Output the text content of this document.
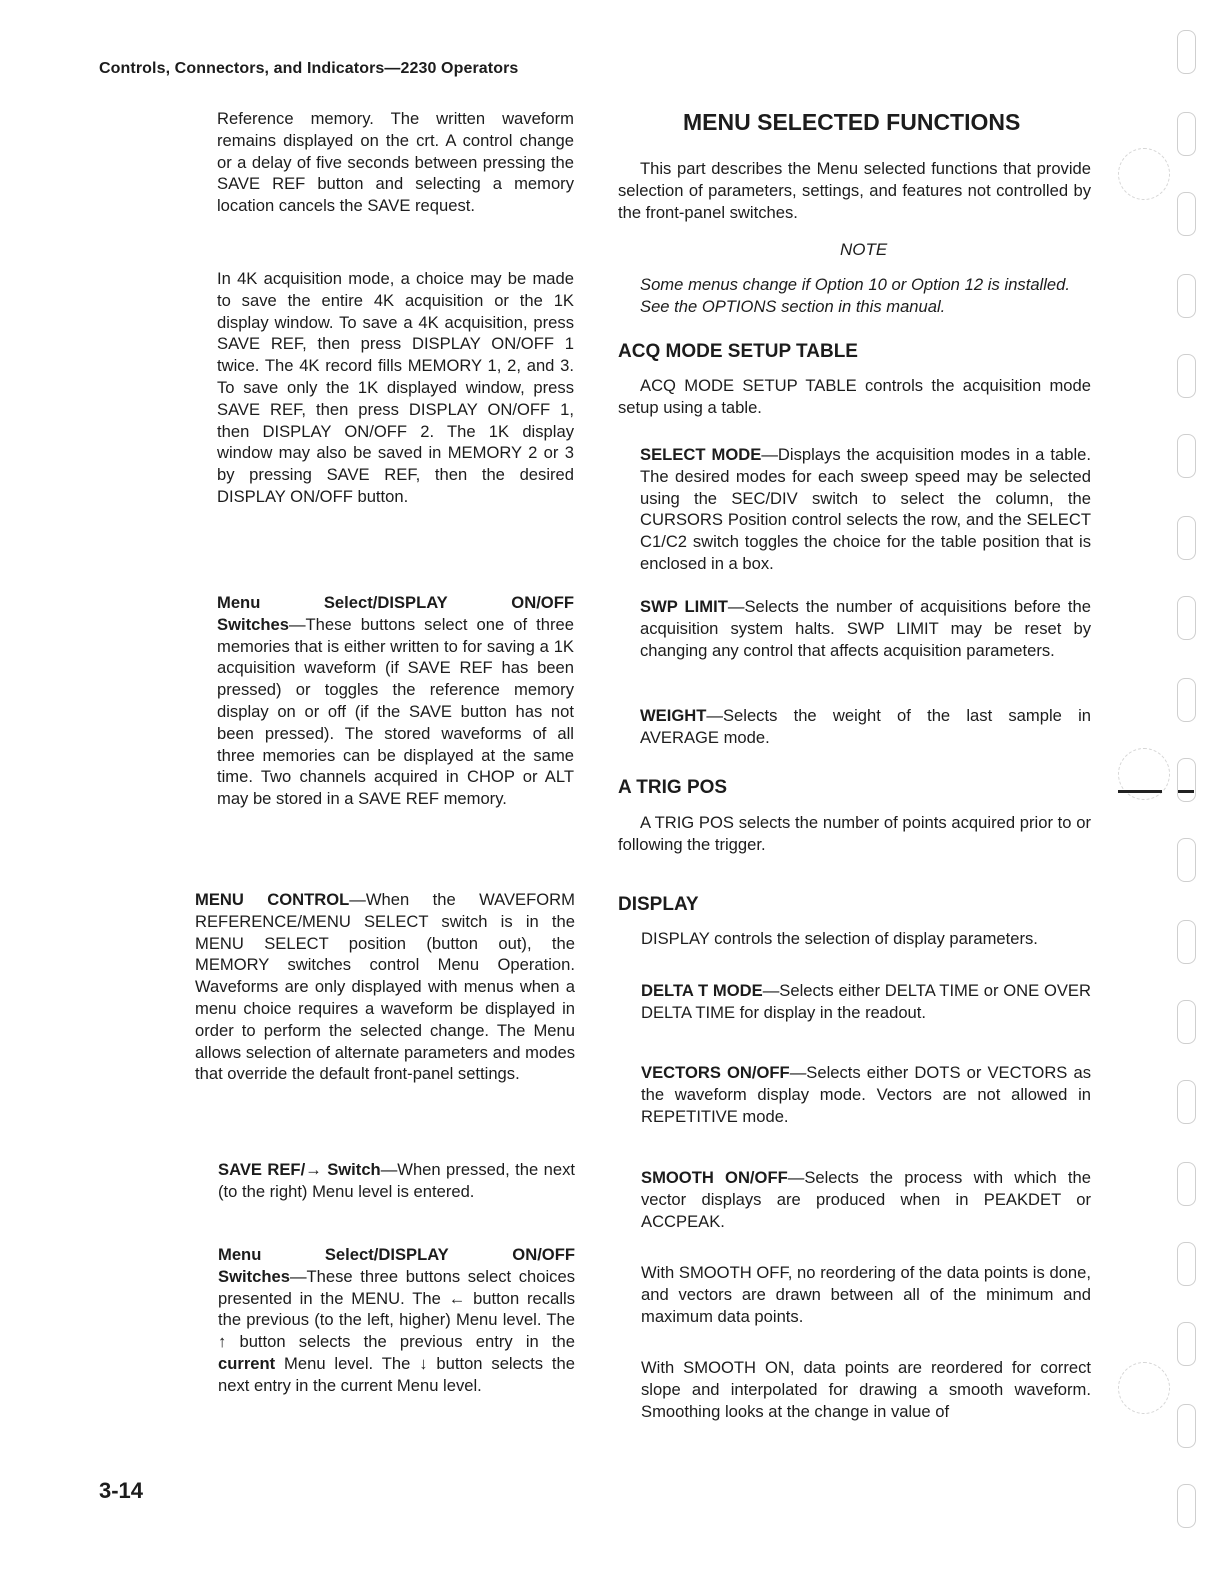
Controls, Connectors, and Indicators—2230 Operators

Reference memory. The written waveform remains displayed on the crt. A control change or a delay of five seconds between pressing the SAVE REF button and selecting a memory location cancels the SAVE request.

In 4K acquisition mode, a choice may be made to save the entire 4K acquisition or the 1K display window. To save a 4K acquisition, press SAVE REF, then press DISPLAY ON/OFF 1 twice. The 4K record fills MEMORY 1, 2, and 3. To save only the 1K displayed window, press SAVE REF, then press DISPLAY ON/OFF 1, then DISPLAY ON/OFF 2. The 1K display window may also be saved in MEMORY 2 or 3 by pressing SAVE REF, then the desired DISPLAY ON/OFF button.

Menu	Select/DISPLAY	ON/OFF
Switches—These buttons select one of three memories that is either written to for saving a 1K acquisition waveform (if SAVE REF has been pressed) or toggles the reference memory display on or off (if the SAVE button has not been pressed). The stored waveforms of all three memories can be displayed at the same time. Two channels acquired in CHOP or ALT may be stored in a SAVE REF memory.

MENU CONTROL—When the WAVEFORM REFERENCE/MENU SELECT switch is in the MENU SELECT position (button out), the MEMORY switches control Menu Operation. Waveforms are only displayed with menus when a menu choice requires a waveform be displayed in order to perform the selected change. The Menu allows selection of alternate parameters and modes that override the default front-panel settings.

SAVE REF/→ Switch—When pressed, the next (to the right) Menu level is entered.

Menu	Select/DISPLAY	ON/OFF
Switches—These three buttons select choices presented in the MENU. The ← button recalls the previous (to the left, higher) Menu level. The ↑ button selects the previous entry in the current Menu level. The ↓ button selects the next entry in the current Menu level.
3-14
MENU SELECTED FUNCTIONS

This part describes the Menu selected functions that provide selection of parameters, settings, and features not controlled by the front-panel switches.

NOTE

Some menus change if Option 10 or Option 12 is installed. See the OPTIONS section in this manual.

ACQ MODE SETUP TABLE

ACQ MODE SETUP TABLE controls the acquisition mode setup using a table.

SELECT MODE—Displays the acquisition modes in a table. The desired modes for each sweep speed may be selected using the SEC/DIV switch to select the column, the CURSORS Position control selects the row, and the SELECT C1/C2 switch toggles the choice for the table position that is enclosed in a box.

SWP LIMIT—Selects the number of acquisitions before the acquisition system halts. SWP LIMIT may be reset by changing any control that affects acquisition parameters.

WEIGHT—Selects the weight of the last sample in AVERAGE mode.

A TRIG POS

A TRIG POS selects the number of points acquired prior to or following the trigger.

DISPLAY

DISPLAY controls the selection of display parameters.

DELTA T MODE—Selects either DELTA TIME or ONE OVER DELTA TIME for display in the readout.

VECTORS ON/OFF—Selects either DOTS or VECTORS as the waveform display mode. Vectors are not allowed in REPETITIVE mode.

SMOOTH ON/OFF—Selects the process with which the vector displays are produced when in PEAKDET or ACCPEAK.

With SMOOTH OFF, no reordering of the data points is done, and vectors are drawn between all of the minimum and maximum data points.

With SMOOTH ON, data points are reordered for correct slope and interpolated for drawing a smooth waveform. Smoothing looks at the change in value of
